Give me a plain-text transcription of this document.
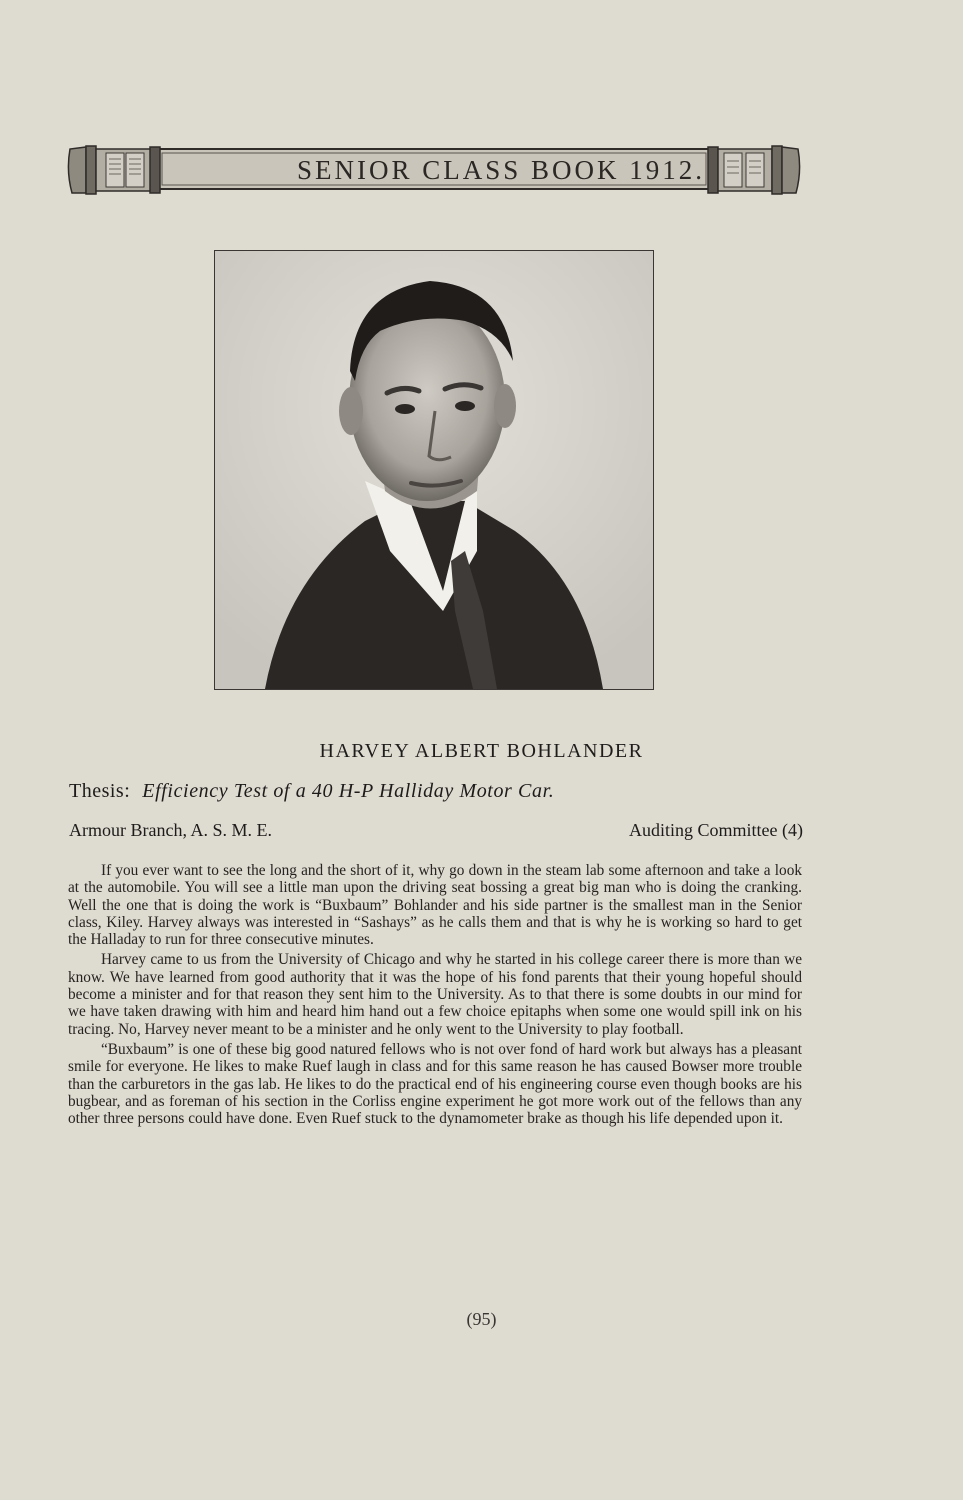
SENIOR CLASS BOOK 1912.
HARVEY ALBERT BOHLANDER
Thesis: Efficiency Test of a 40 H-P Halliday Motor Car.
Armour Branch, A. S. M. E.	Auditing Committee (4)

If you ever want to see the long and the short of it, why go down in the steam lab some afternoon and take a look at the automobile. You will see a little man upon the driving seat bossing a great big man who is doing the cranking. Well the one that is doing the work is “Buxbaum” Bohlander and his side partner is the smallest man in the Senior class, Kiley. Harvey always was interested in “Sashays” as he calls them and that is why he is working so hard to get the Halladay to run for three consecutive minutes.

Harvey came to us from the University of Chicago and why he started in his college career there is more than we know. We have learned from good authority that it was the hope of his fond parents that their young hopeful should become a minister and for that reason they sent him to the University. As to that there is some doubts in our mind for we have taken drawing with him and heard him hand out a few choice epitaphs when some one would spill ink on his tracing. No, Harvey never meant to be a minister and he only went to the University to play football.

“Buxbaum” is one of these big good natured fellows who is not over fond of hard work but always has a pleasant smile for everyone. He likes to make Ruef laugh in class and for this same reason he has caused Bowser more trouble than the carburetors in the gas lab. He likes to do the practical end of his engineering course even though books are his bugbear, and as foreman of his section in the Corliss engine experiment he got more work out of the fellows than any other three persons could have done. Even Ruef stuck to the dynamometer brake as though his life depended upon it.

(95)
